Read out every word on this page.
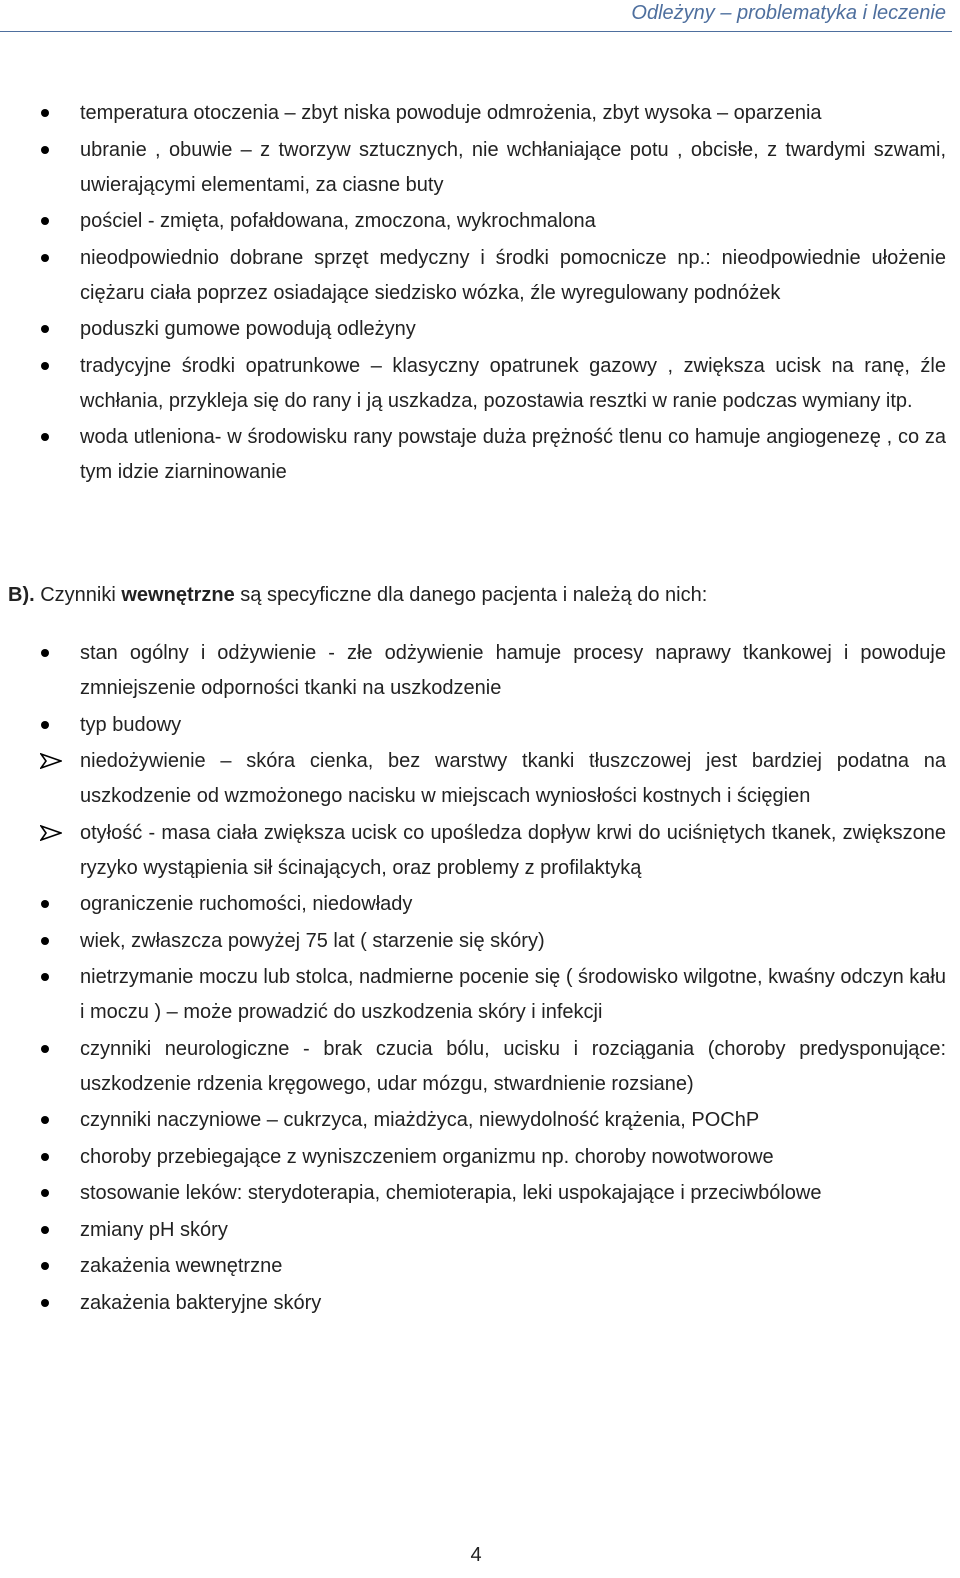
Odleżyny – problematyka i leczenie
temperatura otoczenia – zbyt niska powoduje odmrożenia, zbyt wysoka – oparzenia
ubranie , obuwie – z tworzyw sztucznych, nie wchłaniające potu , obcisłe, z twardymi szwami, uwierającymi elementami, za ciasne buty
pościel - zmięta, pofałdowana, zmoczona, wykrochmalona
nieodpowiednio dobrane sprzęt medyczny i środki pomocnicze np.: nieodpowiednie ułożenie ciężaru ciała poprzez osiadające siedzisko wózka, źle wyregulowany podnóżek
poduszki gumowe powodują odleżyny
tradycyjne środki opatrunkowe – klasyczny opatrunek gazowy , zwiększa ucisk na ranę, źle wchłania, przykleja się do rany i ją uszkadza, pozostawia resztki w ranie podczas wymiany itp.
woda utleniona- w środowisku rany powstaje duża prężność tlenu co hamuje angiogenezę , co za tym idzie ziarninowanie
B). Czynniki wewnętrzne są specyficzne dla danego pacjenta i należą do nich:
stan ogólny i odżywienie - złe odżywienie hamuje procesy naprawy tkankowej i powoduje zmniejszenie odporności tkanki na uszkodzenie
typ budowy
niedożywienie – skóra cienka, bez warstwy tkanki tłuszczowej jest bardziej podatna na uszkodzenie od wzmożonego nacisku w miejscach wyniosłości kostnych i ścięgien
otyłość - masa ciała zwiększa ucisk co upośledza dopływ krwi do uciśniętych tkanek, zwiększone ryzyko wystąpienia sił ścinających, oraz problemy z profilaktyką
ograniczenie ruchomości, niedowłady
wiek, zwłaszcza powyżej 75 lat ( starzenie się skóry)
nietrzymanie moczu lub stolca, nadmierne pocenie się ( środowisko wilgotne, kwaśny odczyn kału i moczu ) – może prowadzić do uszkodzenia skóry i infekcji
czynniki neurologiczne - brak czucia bólu, ucisku i rozciągania (choroby predysponujące: uszkodzenie rdzenia kręgowego, udar mózgu, stwardnienie rozsiane)
czynniki naczyniowe – cukrzyca, miażdżyca, niewydolność krążenia, POChP
choroby przebiegające z wyniszczeniem organizmu np. choroby nowotworowe
stosowanie leków: sterydoterapia, chemioterapia, leki uspokajające i przeciwbólowe
zmiany pH skóry
zakażenia wewnętrzne
zakażenia bakteryjne skóry
4
